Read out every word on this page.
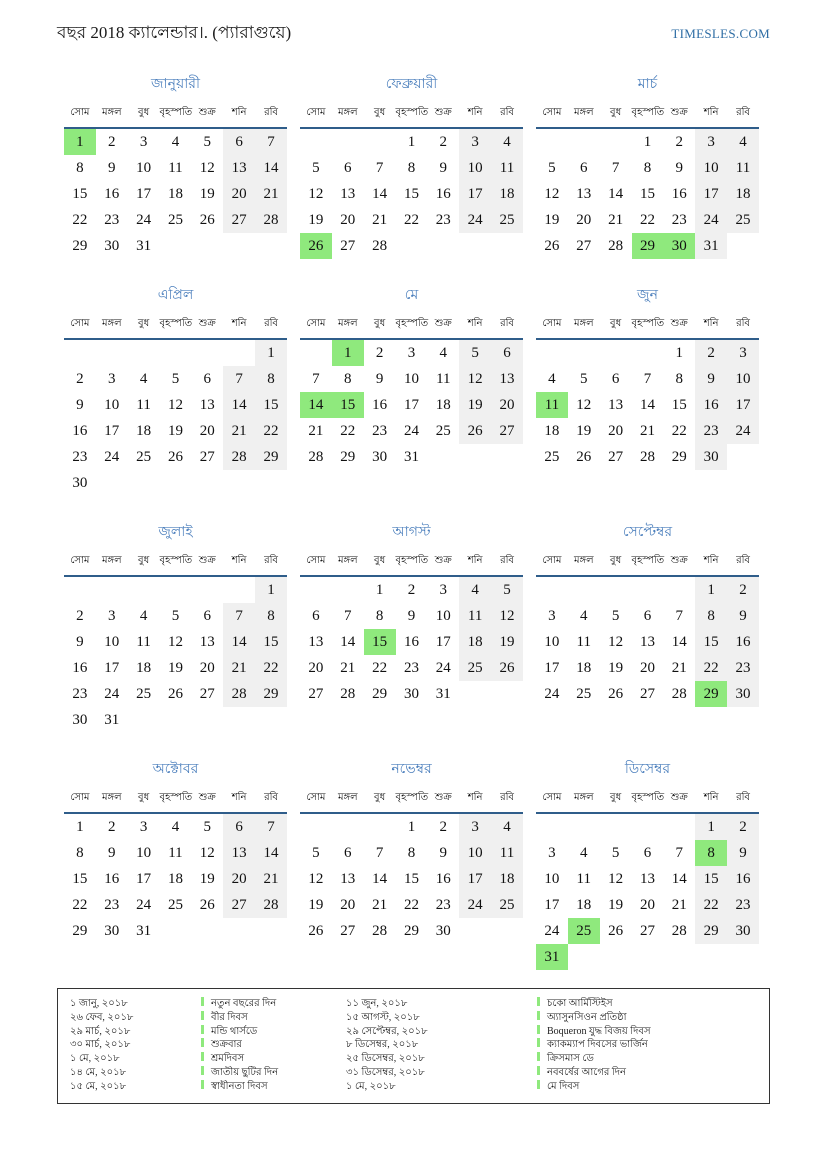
বছর 2018 ক্যালেন্ডার।. (প্যারাগুয়ে)	TIMESLES.COM
জানুয়ারী
সোম	মঙ্গল	বুধ	বৃহস্পতি	শুক্র	শনি	রবি
1	2	3	4	5	6	7
8	9	10	11	12	13	14
15	16	17	18	19	20	21
22	23	24	25	26	27	28
29	30	31				
ফেব্রুয়ারী
সোম	মঙ্গল	বুধ	বৃহস্পতি	শুক্র	শনি	রবি
			1	2	3	4
5	6	7	8	9	10	11
12	13	14	15	16	17	18
19	20	21	22	23	24	25
26	27	28				
মার্চ
সোম	মঙ্গল	বুধ	বৃহস্পতি	শুক্র	শনি	রবি
			1	2	3	4
5	6	7	8	9	10	11
12	13	14	15	16	17	18
19	20	21	22	23	24	25
26	27	28	29	30	31	
এপ্রিল
সোম	মঙ্গল	বুধ	বৃহস্পতি	শুক্র	শনি	রবি
						1
2	3	4	5	6	7	8
9	10	11	12	13	14	15
16	17	18	19	20	21	22
23	24	25	26	27	28	29
30						
মে
সোম	মঙ্গল	বুধ	বৃহস্পতি	শুক্র	শনি	রবি
	1	2	3	4	5	6
7	8	9	10	11	12	13
14	15	16	17	18	19	20
21	22	23	24	25	26	27
28	29	30	31			
জুন
সোম	মঙ্গল	বুধ	বৃহস্পতি	শুক্র	শনি	রবি
				1	2	3
4	5	6	7	8	9	10
11	12	13	14	15	16	17
18	19	20	21	22	23	24
25	26	27	28	29	30	
জুলাই
সোম	মঙ্গল	বুধ	বৃহস্পতি	শুক্র	শনি	রবি
						1
2	3	4	5	6	7	8
9	10	11	12	13	14	15
16	17	18	19	20	21	22
23	24	25	26	27	28	29
30	31					
আগস্ট
সোম	মঙ্গল	বুধ	বৃহস্পতি	শুক্র	শনি	রবি
		1	2	3	4	5
6	7	8	9	10	11	12
13	14	15	16	17	18	19
20	21	22	23	24	25	26
27	28	29	30	31		
সেপ্টেম্বর
সোম	মঙ্গল	বুধ	বৃহস্পতি	শুক্র	শনি	রবি
					1	2
3	4	5	6	7	8	9
10	11	12	13	14	15	16
17	18	19	20	21	22	23
24	25	26	27	28	29	30
অক্টোবর
সোম	মঙ্গল	বুধ	বৃহস্পতি	শুক্র	শনি	রবি
1	2	3	4	5	6	7
8	9	10	11	12	13	14
15	16	17	18	19	20	21
22	23	24	25	26	27	28
29	30	31				
নভেম্বর
সোম	মঙ্গল	বুধ	বৃহস্পতি	শুক্র	শনি	রবি
			1	2	3	4
5	6	7	8	9	10	11
12	13	14	15	16	17	18
19	20	21	22	23	24	25
26	27	28	29	30		
ডিসেম্বর
সোম	মঙ্গল	বুধ	বৃহস্পতি	শুক্র	শনি	রবি
					1	2
3	4	5	6	7	8	9
10	11	12	13	14	15	16
17	18	19	20	21	22	23
24	25	26	27	28	29	30
31						
১ জানু, ২০১৮	নতুন বছরের দিন	১১ জুন, ২০১৮	চকো আর্মিস্টিইস
২৬ ফেব, ২০১৮	বীর দিবস	১৫ আগস্ট, ২০১৮	অ্যাসুনসিওন প্রতিষ্ঠা
২৯ মার্চ, ২০১৮	মন্ডি থার্সডে	২৯ সেপ্টেম্বর, ২০১৮	Boqueron যুদ্ধ বিজয় দিবস
৩০ মার্চ, ২০১৮	শুক্রবার	৮ ডিসেম্বর, ২০১৮	ক্যাকম্যাপ দিবসের ভার্জিন
১ মে, ২০১৮	শ্রমদিবস	২৫ ডিসেম্বর, ২০১৮	ক্রিসমাস ডে
১৪ মে, ২০১৮	জাতীয় ছুটির দিন	৩১ ডিসেম্বর, ২০১৮	নববর্ষের আগের দিন
১৫ মে, ২০১৮	স্বাধীনতা দিবস	১ মে, ২০১৮	মে দিবস
